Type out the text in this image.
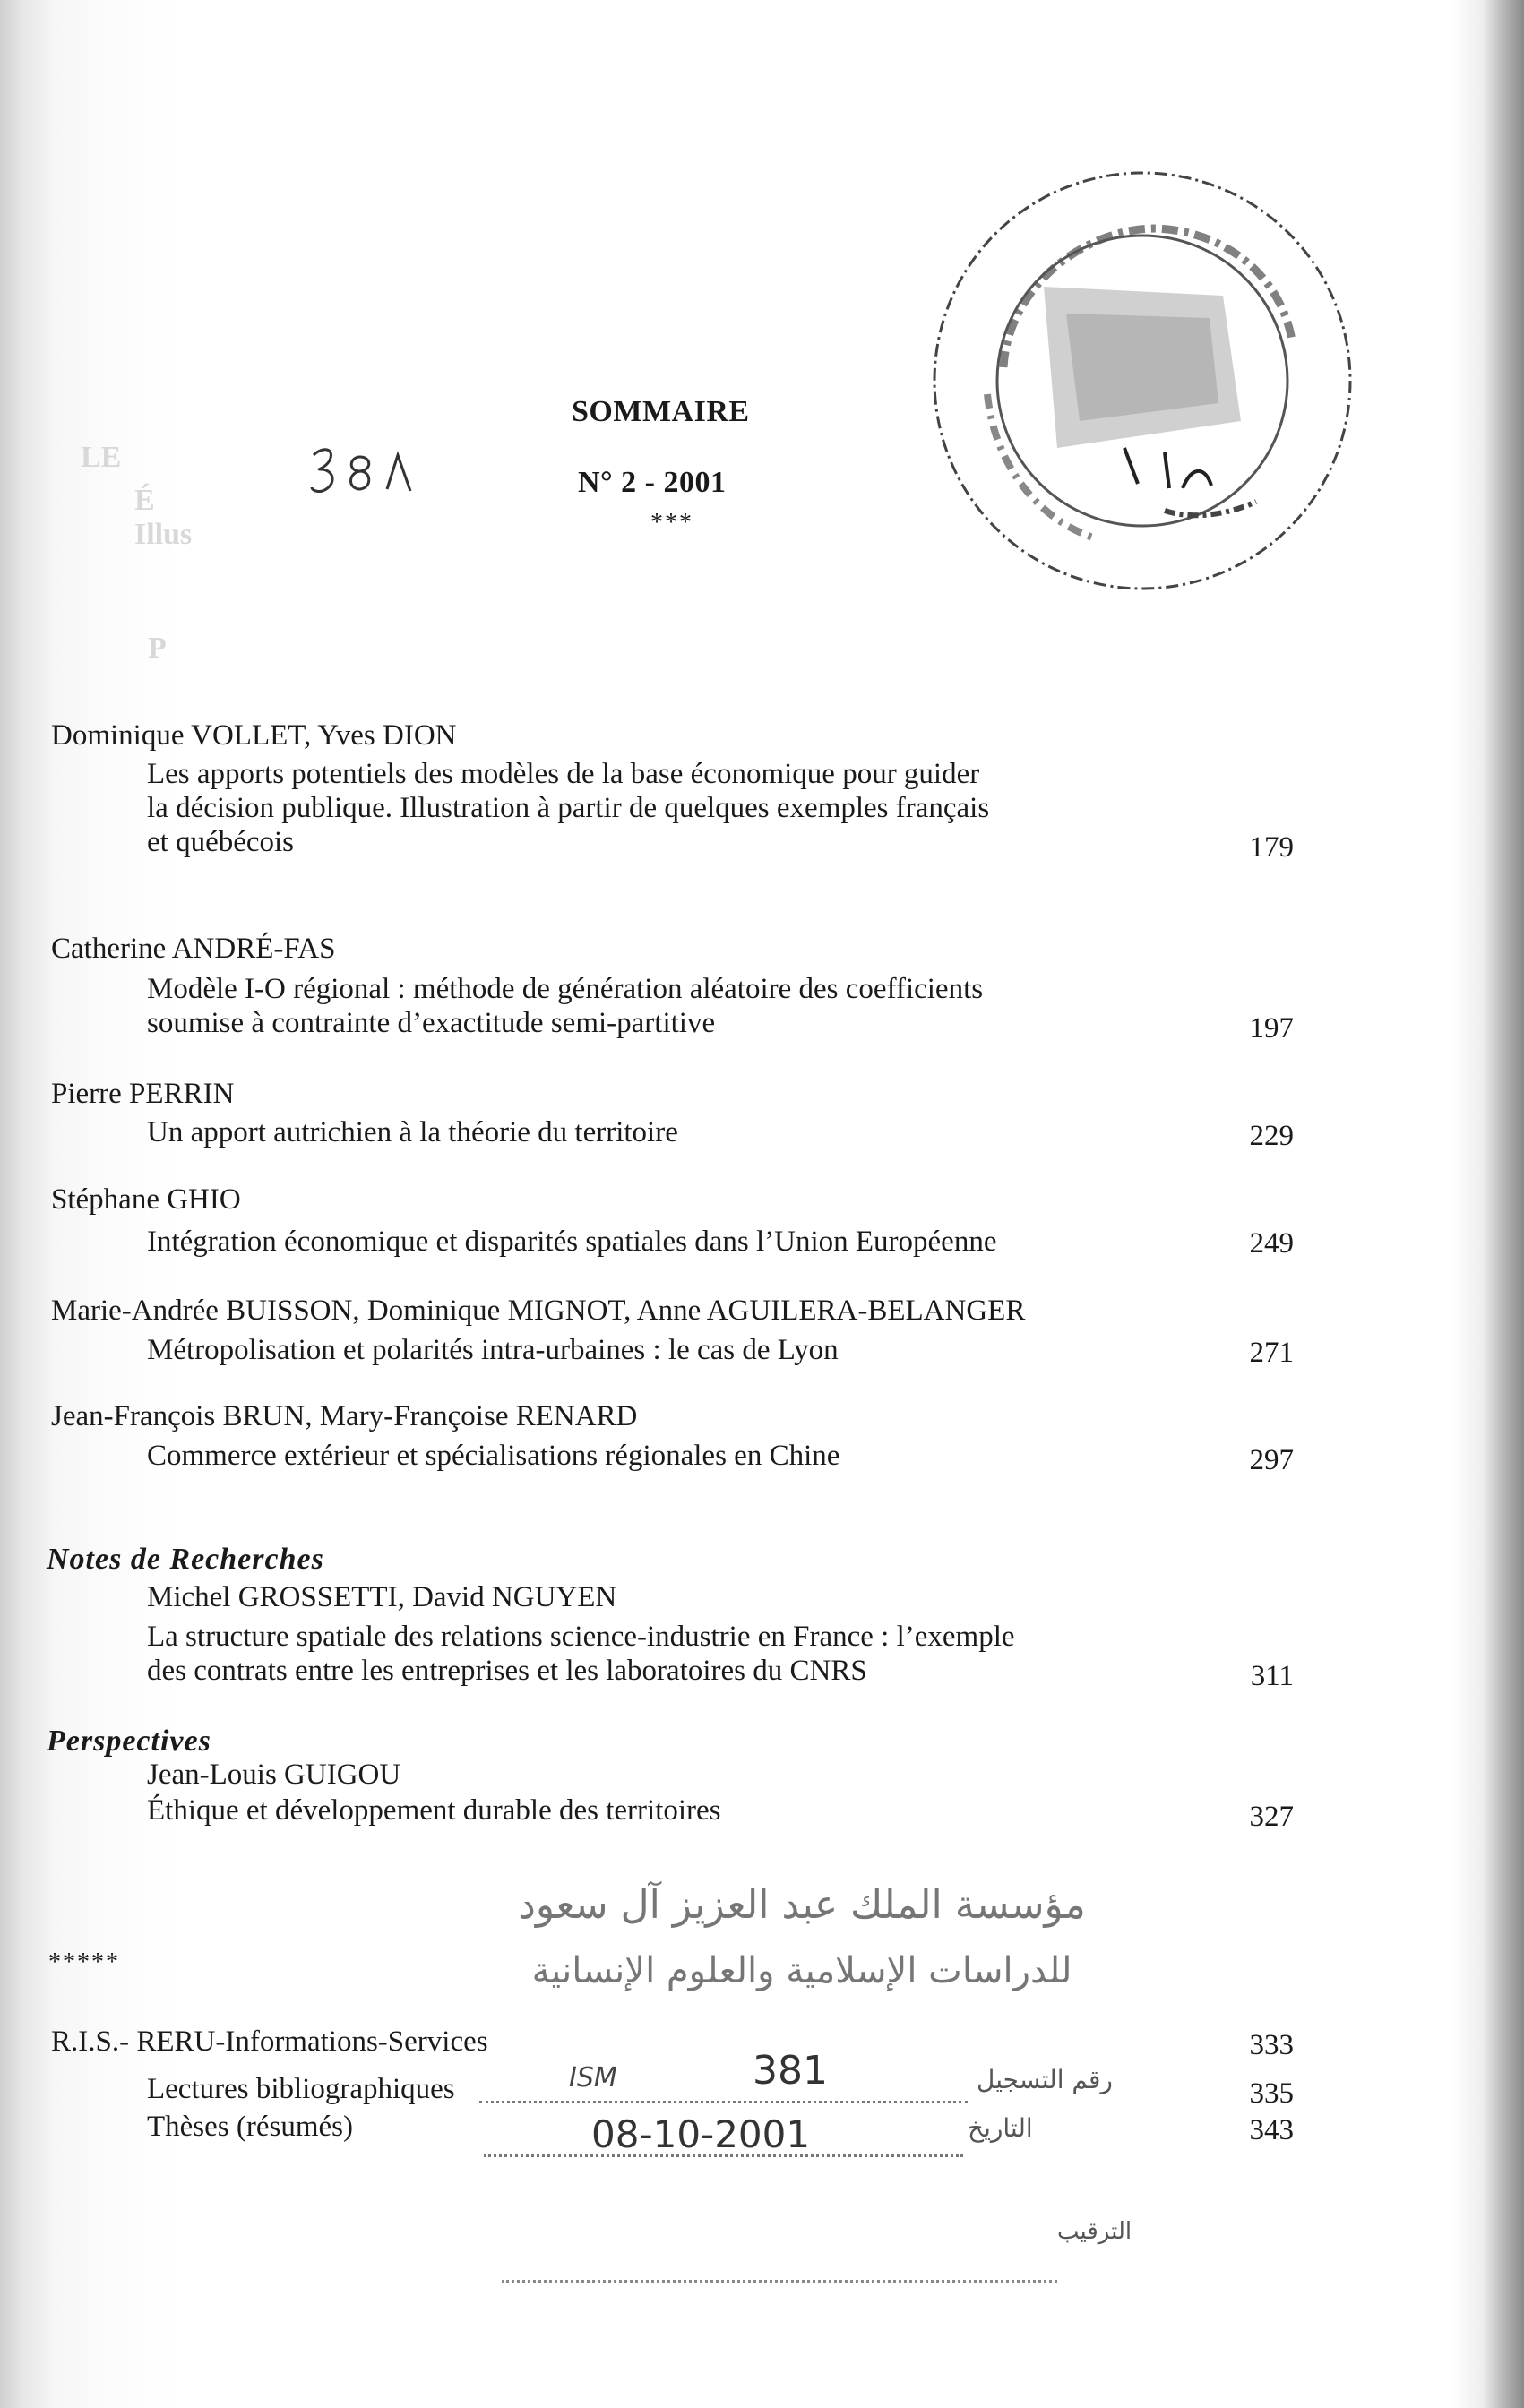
LE
É
Illus
P
SOMMAIRE
N° 2 - 2001
***
Dominique VOLLET, Yves DION
Les apports potentiels des modèles de la base économique pour guider
la décision publique. Illustration à partir de quelques exemples français
et québécois	179
Catherine ANDRÉ-FAS
Modèle I-O régional : méthode de génération aléatoire des coefficients
soumise à contrainte d’exactitude semi-partitive	197
Pierre PERRIN
Un apport autrichien à la théorie du territoire	229
Stéphane GHIO
Intégration économique et disparités spatiales dans l’Union Européenne	249
Marie-Andrée BUISSON, Dominique MIGNOT, Anne AGUILERA-BELANGER
Métropolisation et polarités intra-urbaines : le cas de Lyon	271
Jean-François BRUN, Mary-Françoise RENARD
Commerce extérieur et spécialisations régionales en Chine	297
Notes de Recherches
Michel GROSSETTI, David NGUYEN
La structure spatiale des relations science-industrie en France : l’exemple
des contrats entre les entreprises et les laboratoires du CNRS	311
Perspectives
Jean-Louis GUIGOU
Éthique et développement durable des territoires	327
*****
R.I.S.- RERU-Informations-Services	333
Lectures bibliographiques	335
Thèses (résumés)	343
مؤسسة الملك عبد العزيز آل سعود
للدراسات الإسلامية والعلوم الإنسانية
رقم التسجيل
ISM	381
التاريخ
08-10-2001
الترقيب
